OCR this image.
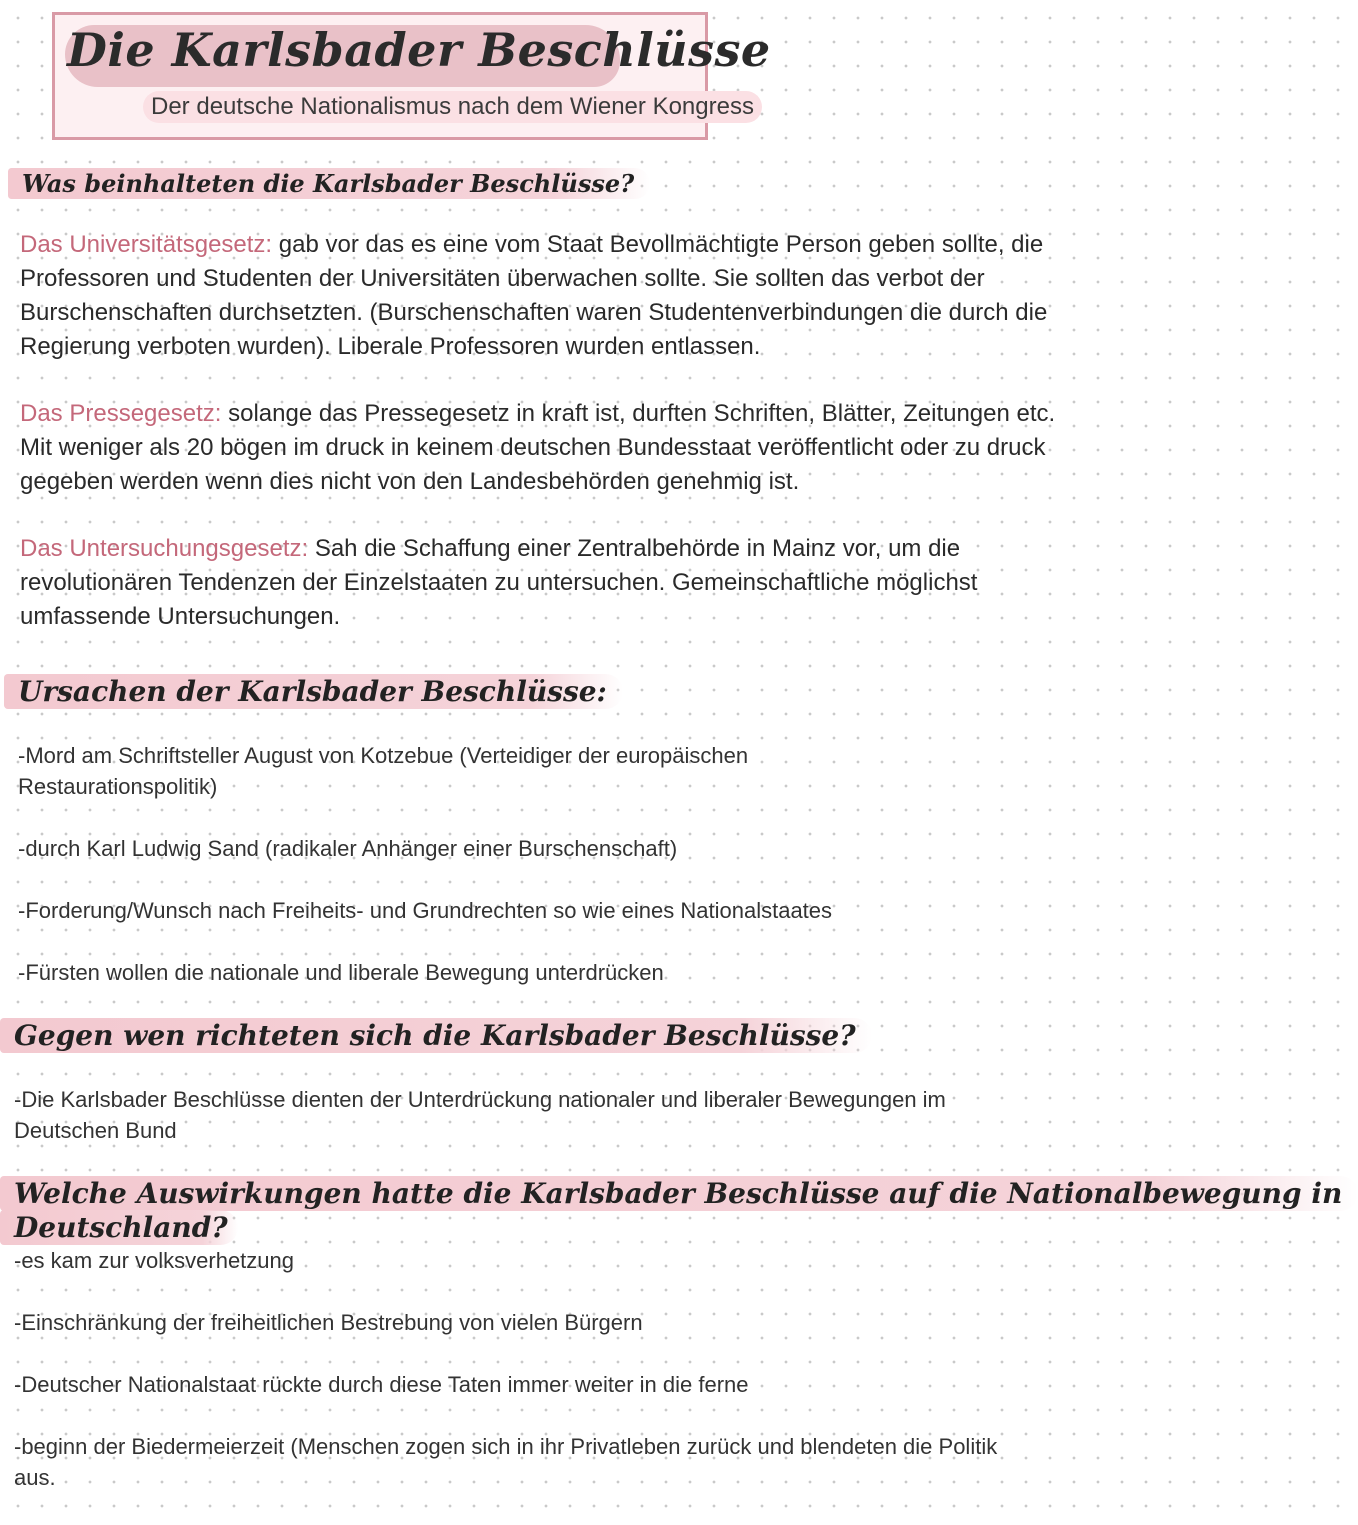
Die Karlsbader Beschlüsse
Der deutsche Nationalismus nach dem Wiener Kongress
Was beinhalteten die Karlsbader Beschlüsse?

Das Universitätsgesetz: gab vor das es eine vom Staat Bevollmächtigte Person geben sollte, die Professoren und Studenten der Universitäten überwachen sollte. Sie sollten das verbot der Burschenschaften durchsetzten. (Burschenschaften waren Studentenverbindungen die durch die Regierung verboten wurden). Liberale Professoren wurden entlassen.

Das Pressegesetz: solange das Pressegesetz in kraft ist, durften Schriften, Blätter, Zeitungen etc. Mit weniger als 20 bögen im druck in keinem deutschen Bundesstaat veröffentlicht oder zu druck gegeben werden wenn dies nicht von den Landesbehörden genehmig ist.

Das Untersuchungsgesetz: Sah die Schaffung einer Zentralbehörde in Mainz vor, um die revolutionären Tendenzen der Einzelstaaten zu untersuchen. Gemeinschaftliche möglichst umfassende Untersuchungen.

Ursachen der Karlsbader Beschlüsse:

-Mord am Schriftsteller August von Kotzebue (Verteidiger der europäischen Restaurationspolitik)

-durch Karl Ludwig Sand (radikaler Anhänger einer Burschenschaft)

-Forderung/Wunsch nach Freiheits- und Grundrechten so wie eines Nationalstaates

-Fürsten wollen die nationale und liberale Bewegung unterdrücken

Gegen wen richteten sich die Karlsbader Beschlüsse?

-Die Karlsbader Beschlüsse dienten der Unterdrückung nationaler und liberaler Bewegungen im Deutschen Bund

Welche Auswirkungen hatte die Karlsbader Beschlüsse auf die Nationalbewegung in
Deutschland?

-es kam zur volksverhetzung

-Einschränkung der freiheitlichen Bestrebung von vielen Bürgern

-Deutscher Nationalstaat rückte durch diese Taten immer weiter in die ferne

-beginn der Biedermeierzeit (Menschen zogen sich in ihr Privatleben zurück und blendeten die Politik aus.
